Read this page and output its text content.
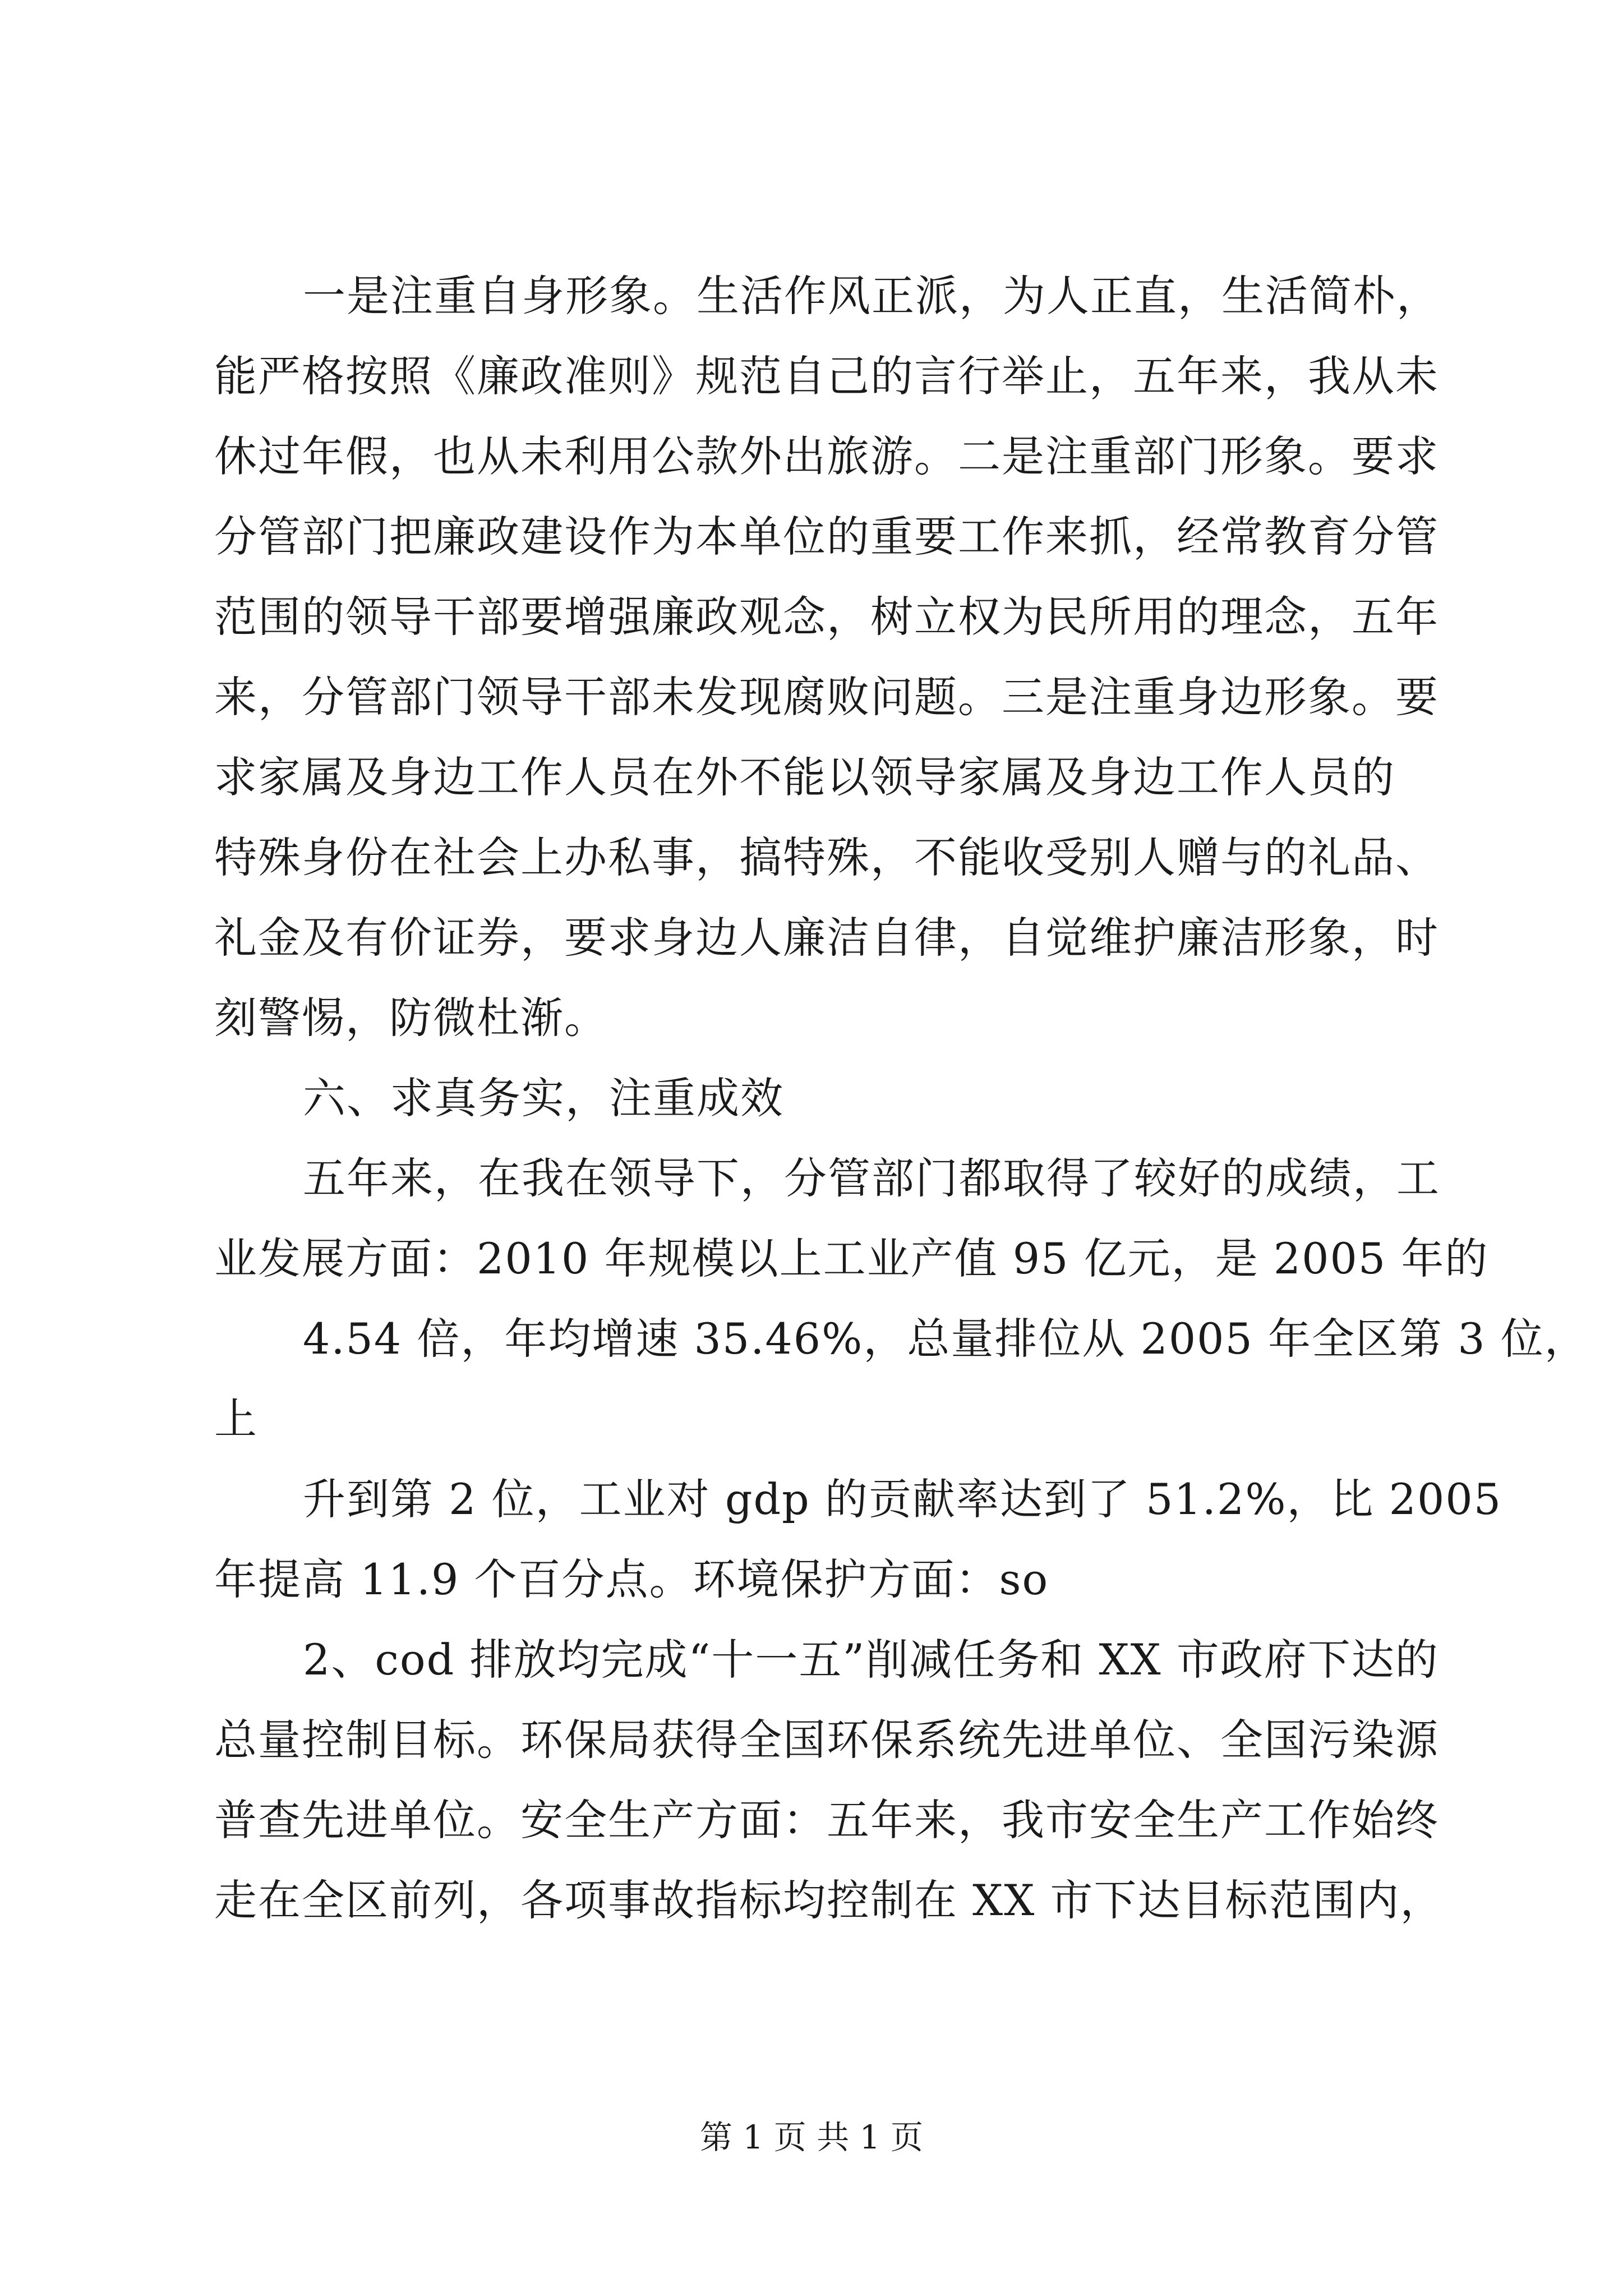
一是注重自身形象。生活作风正派，为人正直，生活简朴，
能严格按照《廉政准则》规范自己的言行举止，五年来，我从未
休过年假，也从未利用公款外出旅游。二是注重部门形象。要求
分管部门把廉政建设作为本单位的重要工作来抓，经常教育分管
范围的领导干部要增强廉政观念，树立权为民所用的理念，五年
来，分管部门领导干部未发现腐败问题。三是注重身边形象。要
求家属及身边工作人员在外不能以领导家属及身边工作人员的
特殊身份在社会上办私事，搞特殊，不能收受别人赠与的礼品、
礼金及有价证券，要求身边人廉洁自律，自觉维护廉洁形象，时
刻警惕，防微杜渐。
六、求真务实，注重成效
五年来，在我在领导下，分管部门都取得了较好的成绩，工
业发展方面：2010 年规模以上工业产值 95 亿元，是 2005 年的
4.54 倍，年均增速 35.46%，总量排位从 2005 年全区第 3 位，
上
升到第 2 位，工业对 gdp 的贡献率达到了 51.2%，比 2005
年提高 11.9 个百分点。环境保护方面：so
2、cod 排放均完成“十一五”削减任务和 XX 市政府下达的
总量控制目标。环保局获得全国环保系统先进单位、全国污染源
普查先进单位。安全生产方面：五年来，我市安全生产工作始终
走在全区前列，各项事故指标均控制在 XX 市下达目标范围内，
第 1 页 共 1 页
